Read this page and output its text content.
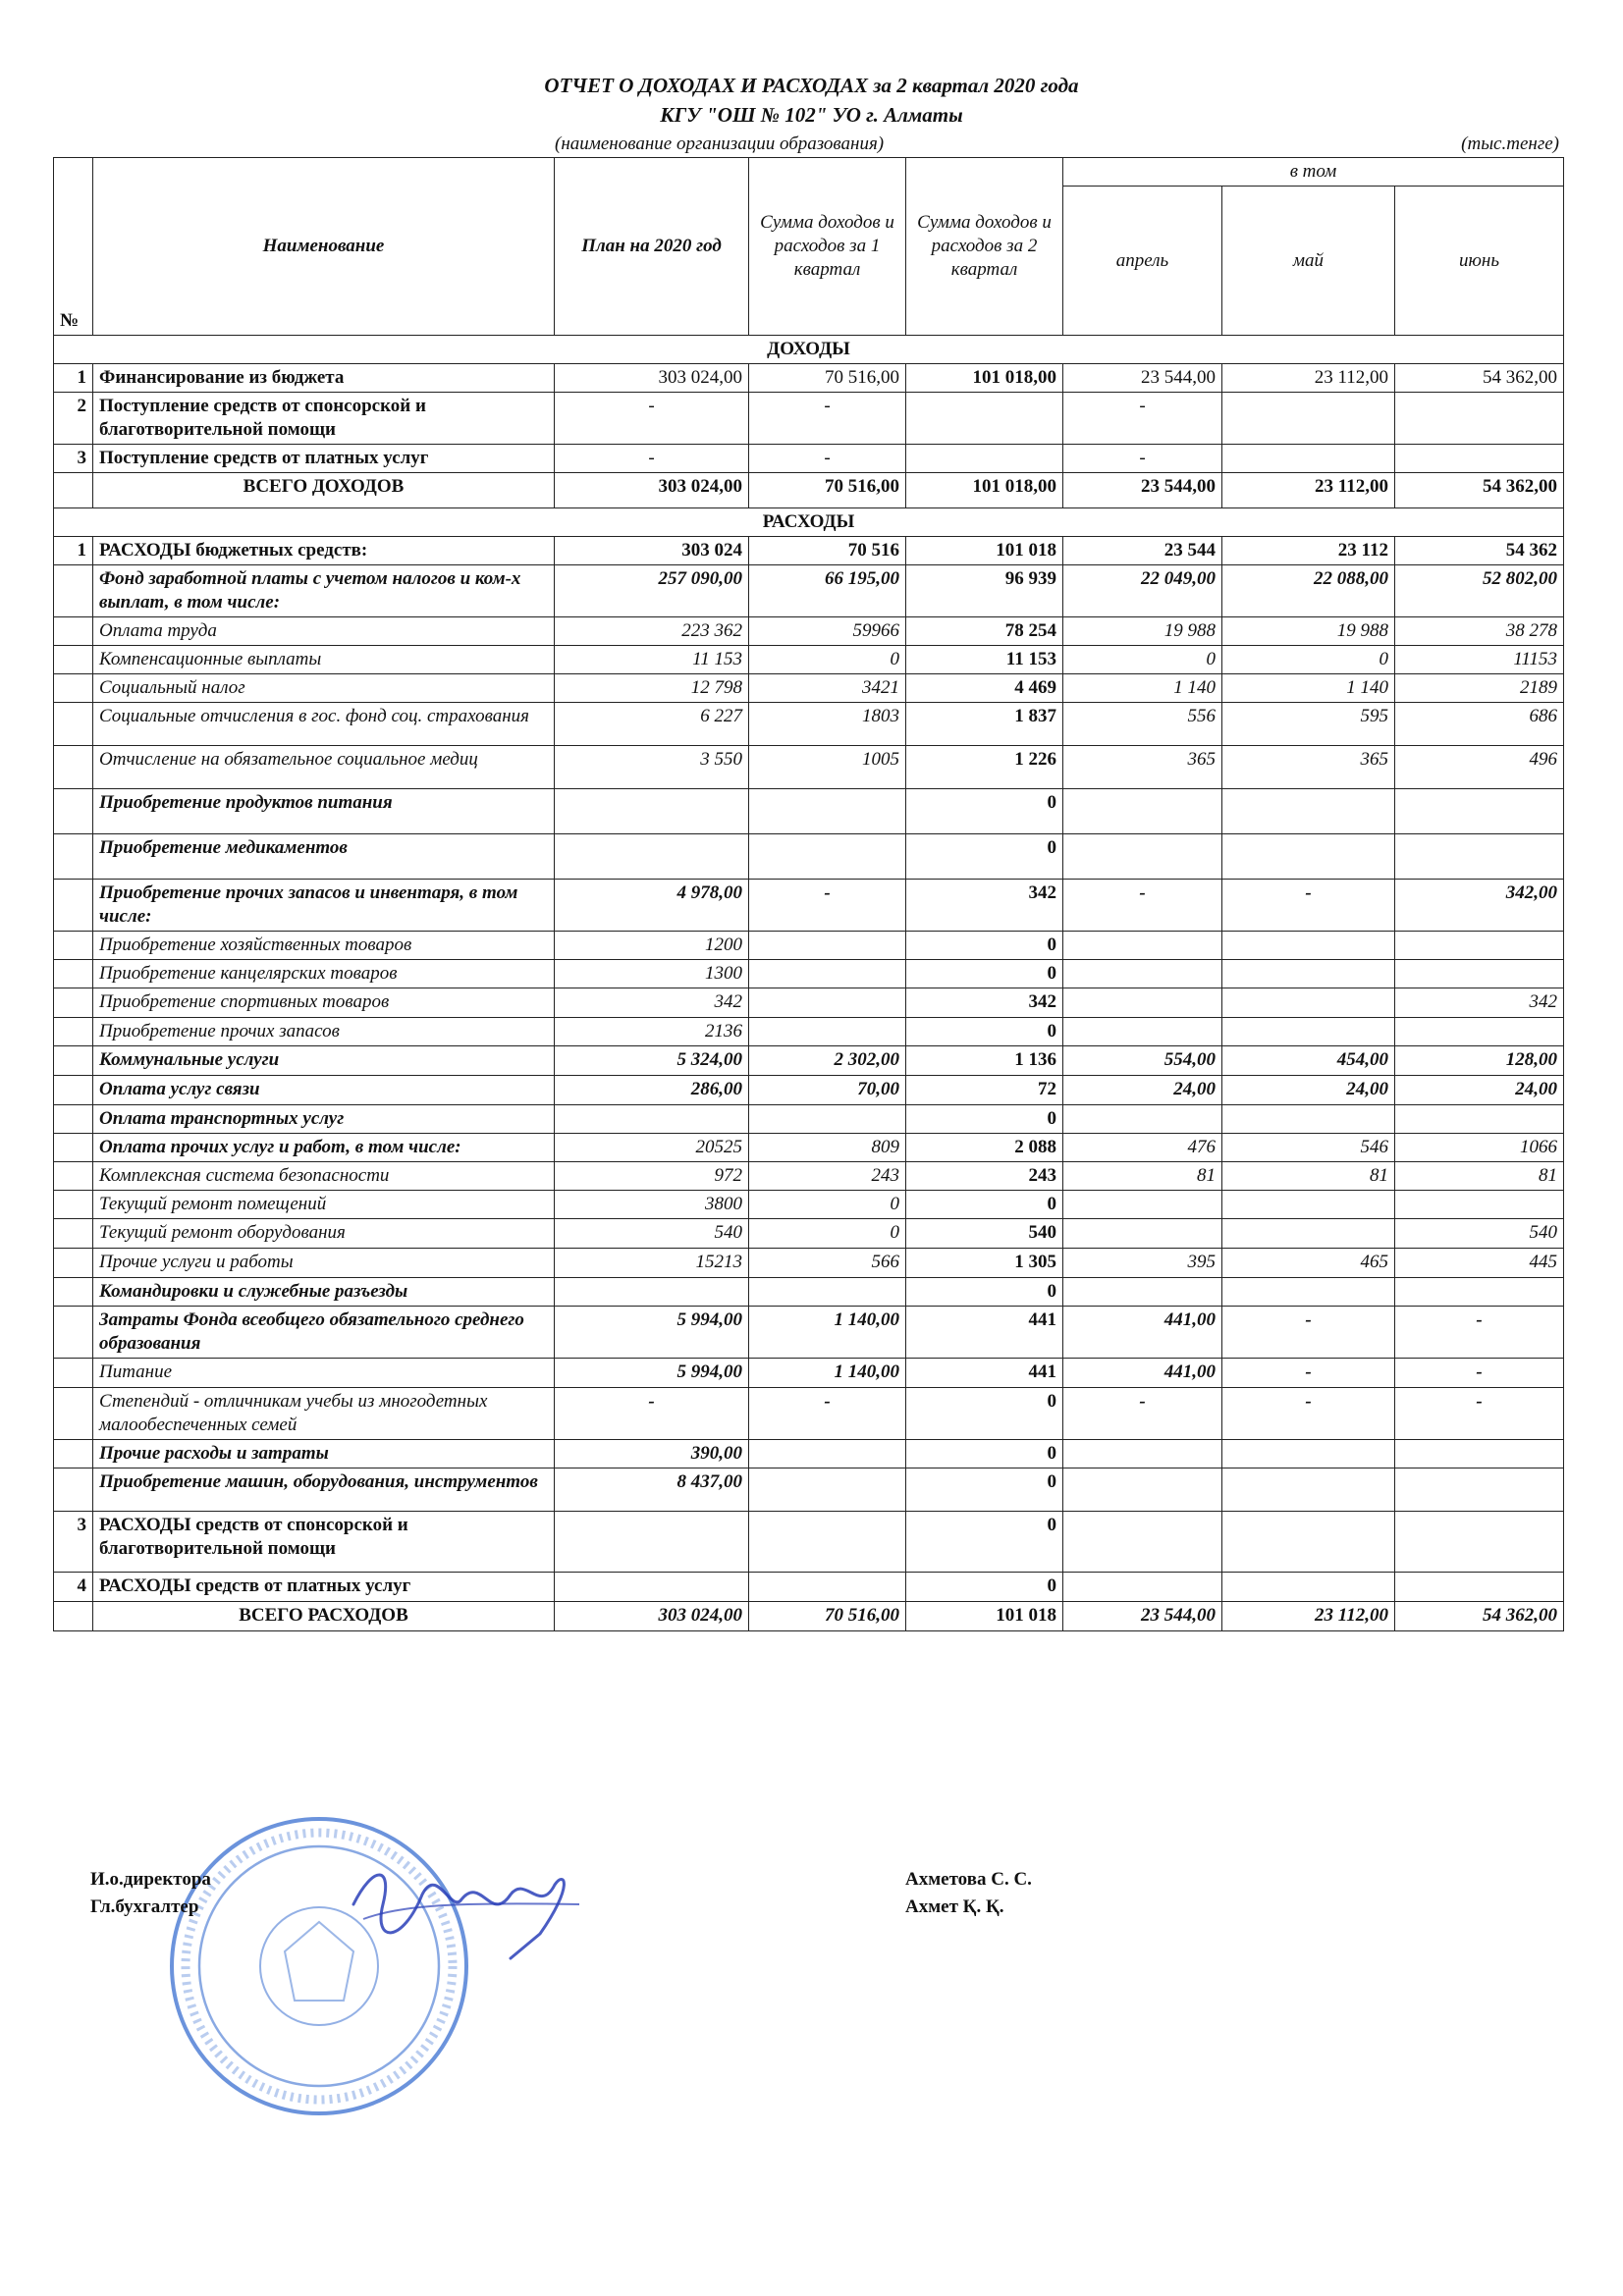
ОТЧЕТ О ДОХОДАХ И РАСХОДАХ за 2 квартал 2020 года
КГУ "ОШ № 102" УО г. Алматы
(наименование организации образования)	(тыс.тенге)
№	Наименование	План на 2020 год	Сумма доходов и расходов за 1 квартал	Сумма доходов и расходов за 2 квартал	в том		
					апрель	май	июнь
ДОХОДЫ							
1	Финансирование из бюджета	303 024,00	70 516,00	101 018,00	23 544,00	23 112,00	54 362,00
2	Поступление средств от спонсорской и благотворительной помощи	-	-		-		
3	Поступление средств от платных услуг	-	-		-		
	ВСЕГО ДОХОДОВ	303 024,00	70 516,00	101 018,00	23 544,00	23 112,00	54 362,00
РАСХОДЫ							
1	РАСХОДЫ бюджетных средств:	303 024	70 516	101 018	23 544	23 112	54 362
	Фонд заработной платы с учетом налогов и ком-х выплат, в том числе:	257 090,00	66 195,00	96 939	22 049,00	22 088,00	52 802,00
	Оплата труда	223 362	59966	78 254	19 988	19 988	38 278
	Компенсационные выплаты	11 153	0	11 153	0	0	11153
	Социальный налог	12 798	3421	4 469	1 140	1 140	2189
	Социальные отчисления в гос. фонд соц. страхования	6 227	1803	1 837	556	595	686
	Отчисление на обязательное социальное медиц	3 550	1005	1 226	365	365	496
	Приобретение продуктов питания			0			
	Приобретение медикаментов			0			
	Приобретение прочих запасов и инвентаря, в том числе:	4 978,00	-	342	-	-	342,00
	Приобретение хозяйственных товаров	1200		0			
	Приобретение канцелярских товаров	1300		0			
	Приобретение спортивных товаров	342		342			342
	Приобретение прочих запасов	2136		0			
	Коммунальные услуги	5 324,00	2 302,00	1 136	554,00	454,00	128,00
	Оплата услуг связи	286,00	70,00	72	24,00	24,00	24,00
	Оплата транспортных услуг			0			
	Оплата прочих услуг и работ, в том числе:	20525	809	2 088	476	546	1066
	Комплексная система безопасности	972	243	243	81	81	81
	Текущий ремонт помещений	3800	0	0			
	Текущий ремонт оборудования	540	0	540			540
	Прочие услуги и работы	15213	566	1 305	395	465	445
	Командировки и служебные разъезды			0			
	Затраты Фонда всеобщего обязательного среднего образования	5 994,00	1 140,00	441	441,00	-	-
	Питание	5 994,00	1 140,00	441	441,00	-	-
	Степендий - отличникам учебы из многодетных малообеспеченных семей	-	-	0	-	-	-
	Прочие расходы и затраты	390,00		0			
	Приобретение машин, оборудования, инструментов	8 437,00		0			
3	РАСХОДЫ средств от спонсорской и благотворительной помощи			0			
4	РАСХОДЫ средств от платных услуг			0			
	ВСЕГО РАСХОДОВ	303 024,00	70 516,00	101 018	23 544,00	23 112,00	54 362,00
И.о.директора	Ахметова С. С.
Гл.бухгалтер	Ахмет Қ. Қ.
